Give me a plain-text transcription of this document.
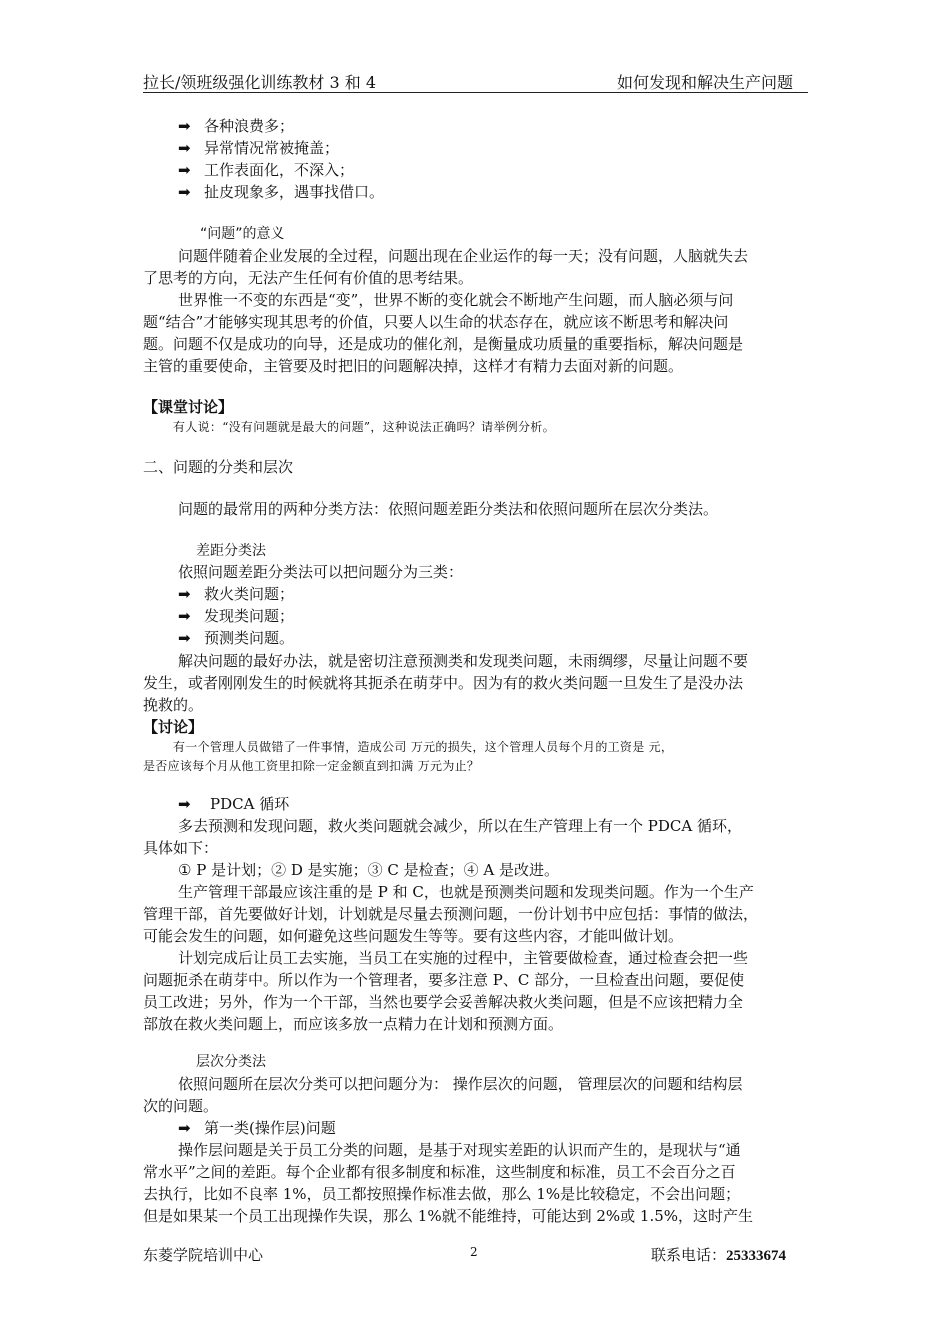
拉长/领班级强化训练教材 3 和 4	如何发现和解决生产问题
➡ 各种浪费多；
➡ 异常情况常被掩盖；
➡ 工作表面化，不深入；
➡ 扯皮现象多，遇事找借口。
“问题”的意义
问题伴随着企业发展的全过程，问题出现在企业运作的每一天；没有问题，人脑就失去
了思考的方向，无法产生任何有价值的思考结果。
世界惟一不变的东西是“变”，世界不断的变化就会不断地产生问题，而人脑必须与问
题“结合”才能够实现其思考的价值，只要人以生命的状态存在，就应该不断思考和解决问
题。问题不仅是成功的向导，还是成功的催化剂，是衡量成功质量的重要指标，解决问题是
主管的重要使命，主管要及时把旧的问题解决掉，这样才有精力去面对新的问题。
【课堂讨论】
有人说：“没有问题就是最大的问题”，这种说法正确吗？请举例分析。
二、问题的分类和层次
问题的最常用的两种分类方法：依照问题差距分类法和依照问题所在层次分类法。
差距分类法
依照问题差距分类法可以把问题分为三类：
➡ 救火类问题；
➡ 发现类问题；
➡ 预测类问题。
解决问题的最好办法，就是密切注意预测类和发现类问题，未雨绸缪，尽量让问题不要
发生，或者刚刚发生的时候就将其扼杀在萌芽中。因为有的救火类问题一旦发生了是没办法
挽救的。
【讨论】
有一个管理人员做错了一件事情，造成公司 万元的损失，这个管理人员每个月的工资是 元，
是否应该每个月从他工资里扣除一定金额直到扣满 万元为止？
➡ PDCA 循环
多去预测和发现问题，救火类问题就会减少，所以在生产管理上有一个 PDCA 循环，
具体如下：
① P 是计划；② D 是实施；③ C 是检查；④ A 是改进。
生产管理干部最应该注重的是 P 和 C，也就是预测类问题和发现类问题。作为一个生产
管理干部，首先要做好计划，计划就是尽量去预测问题，一份计划书中应包括：事情的做法，
可能会发生的问题，如何避免这些问题发生等等。要有这些内容，才能叫做计划。
计划完成后让员工去实施，当员工在实施的过程中，主管要做检查，通过检查会把一些
问题扼杀在萌芽中。所以作为一个管理者，要多注意 P、C 部分，一旦检查出问题，要促使
员工改进；另外，作为一个干部，当然也要学会妥善解决救火类问题，但是不应该把精力全
部放在救火类问题上，而应该多放一点精力在计划和预测方面。
层次分类法
依照问题所在层次分类可以把问题分为： 操作层次的问题， 管理层次的问题和结构层
次的问题。
➡ 第一类(操作层)问题
操作层问题是关于员工分类的问题，是基于对现实差距的认识而产生的，是现状与“通
常水平”之间的差距。每个企业都有很多制度和标准，这些制度和标准，员工不会百分之百
去执行，比如不良率 1%，员工都按照操作标准去做，那么 1%是比较稳定，不会出问题；
但是如果某一个员工出现操作失误，那么 1%就不能维持，可能达到 2%或 1.5%，这时产生
东菱学院培训中心	2	联系电话：25333674
